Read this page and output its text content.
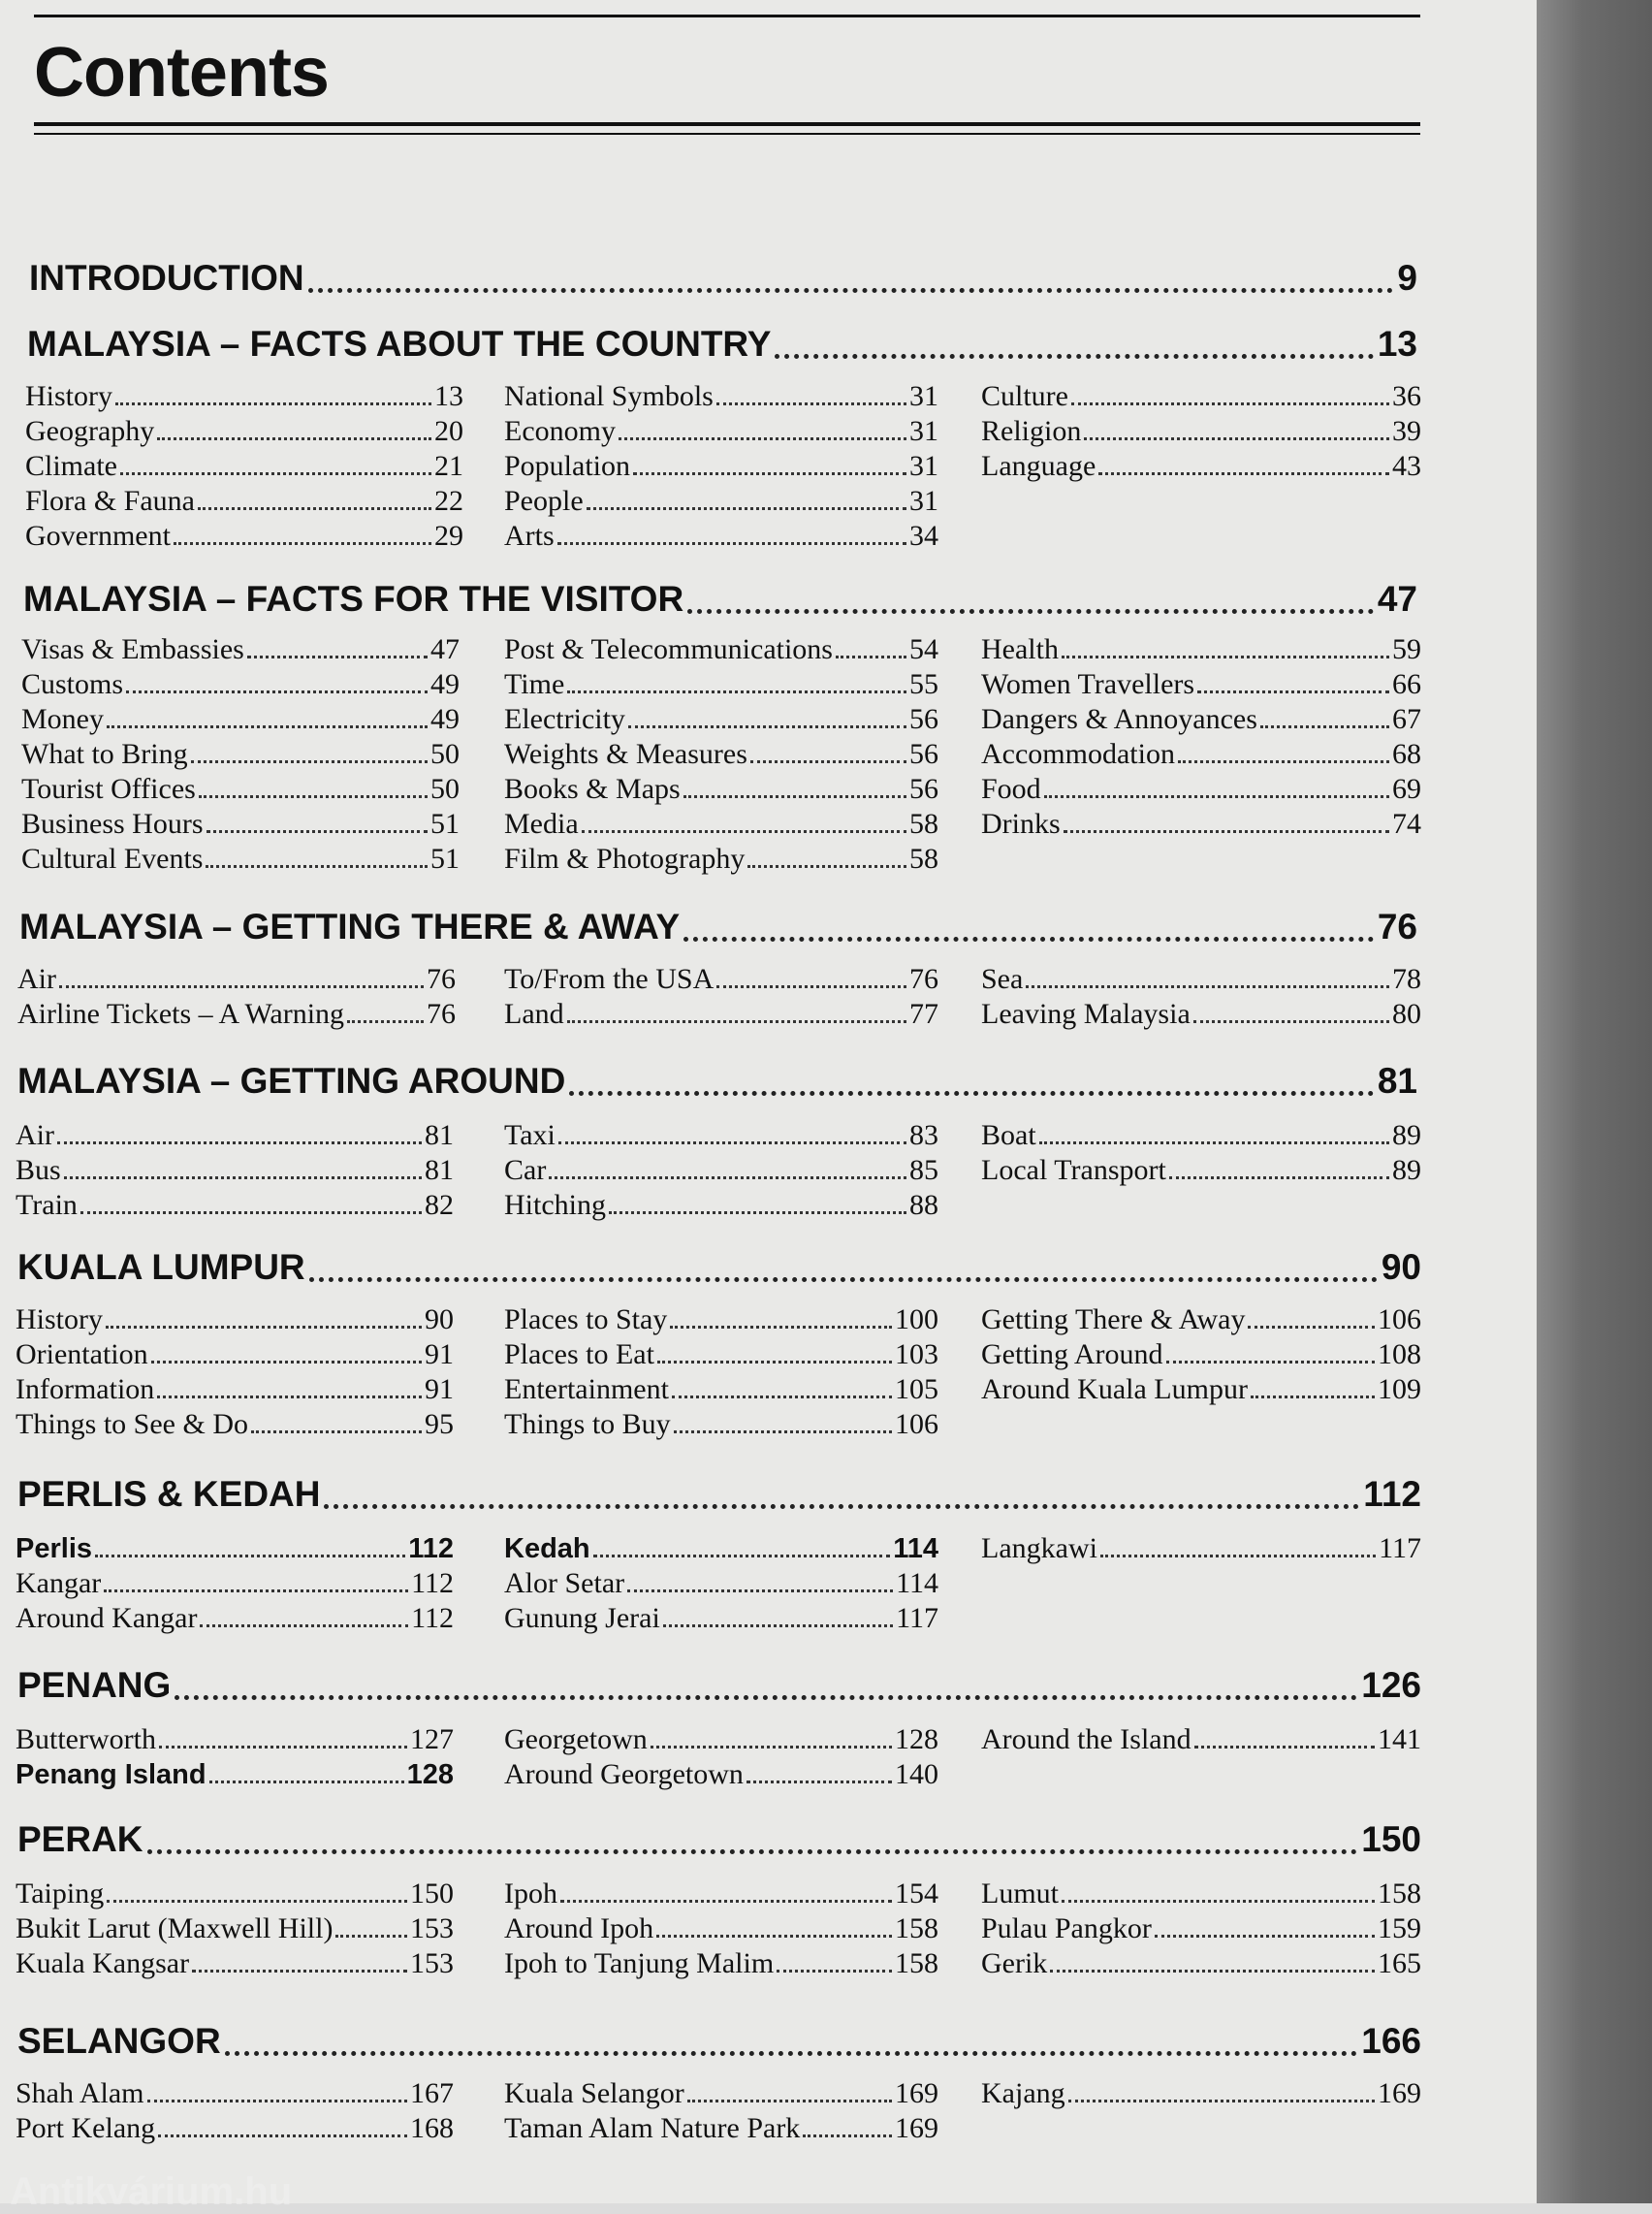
Contents
INTRODUCTION	9
MALAYSIA – FACTS ABOUT THE COUNTRY	13
History	13
Geography	20
Climate	21
Flora & Fauna	22
Government	29
National Symbols	31
Economy	31
Population	31
People	31
Arts	34
Culture	36
Religion	39
Language	43
MALAYSIA – FACTS FOR THE VISITOR	47
Visas & Embassies	47
Customs	49
Money	49
What to Bring	50
Tourist Offices	50
Business Hours	51
Cultural Events	51
Post & Telecommunications	54
Time	55
Electricity	56
Weights & Measures	56
Books & Maps	56
Media	58
Film & Photography	58
Health	59
Women Travellers	66
Dangers & Annoyances	67
Accommodation	68
Food	69
Drinks	74
MALAYSIA – GETTING THERE & AWAY	76
Air	76
Airline Tickets – A Warning	76
To/From the USA	76
Land	77
Sea	78
Leaving Malaysia	80
MALAYSIA – GETTING AROUND	81
Air	81
Bus	81
Train	82
Taxi	83
Car	85
Hitching	88
Boat	89
Local Transport	89
KUALA LUMPUR	90
History	90
Orientation	91
Information	91
Things to See & Do	95
Places to Stay	100
Places to Eat	103
Entertainment	105
Things to Buy	106
Getting There & Away	106
Getting Around	108
Around Kuala Lumpur	109
PERLIS & KEDAH	112
Perlis	112
Kangar	112
Around Kangar	112
Kedah	114
Alor Setar	114
Gunung Jerai	117
Langkawi	117
PENANG	126
Butterworth	127
Penang Island	128
Georgetown	128
Around Georgetown	140
Around the Island	141
PERAK	150
Taiping	150
Bukit Larut (Maxwell Hill)	153
Kuala Kangsar	153
Ipoh	154
Around Ipoh	158
Ipoh to Tanjung Malim	158
Lumut	158
Pulau Pangkor	159
Gerik	165
SELANGOR	166
Shah Alam	167
Port Kelang	168
Kuala Selangor	169
Taman Alam Nature Park	169
Kajang	169
Antikvárium.hu
